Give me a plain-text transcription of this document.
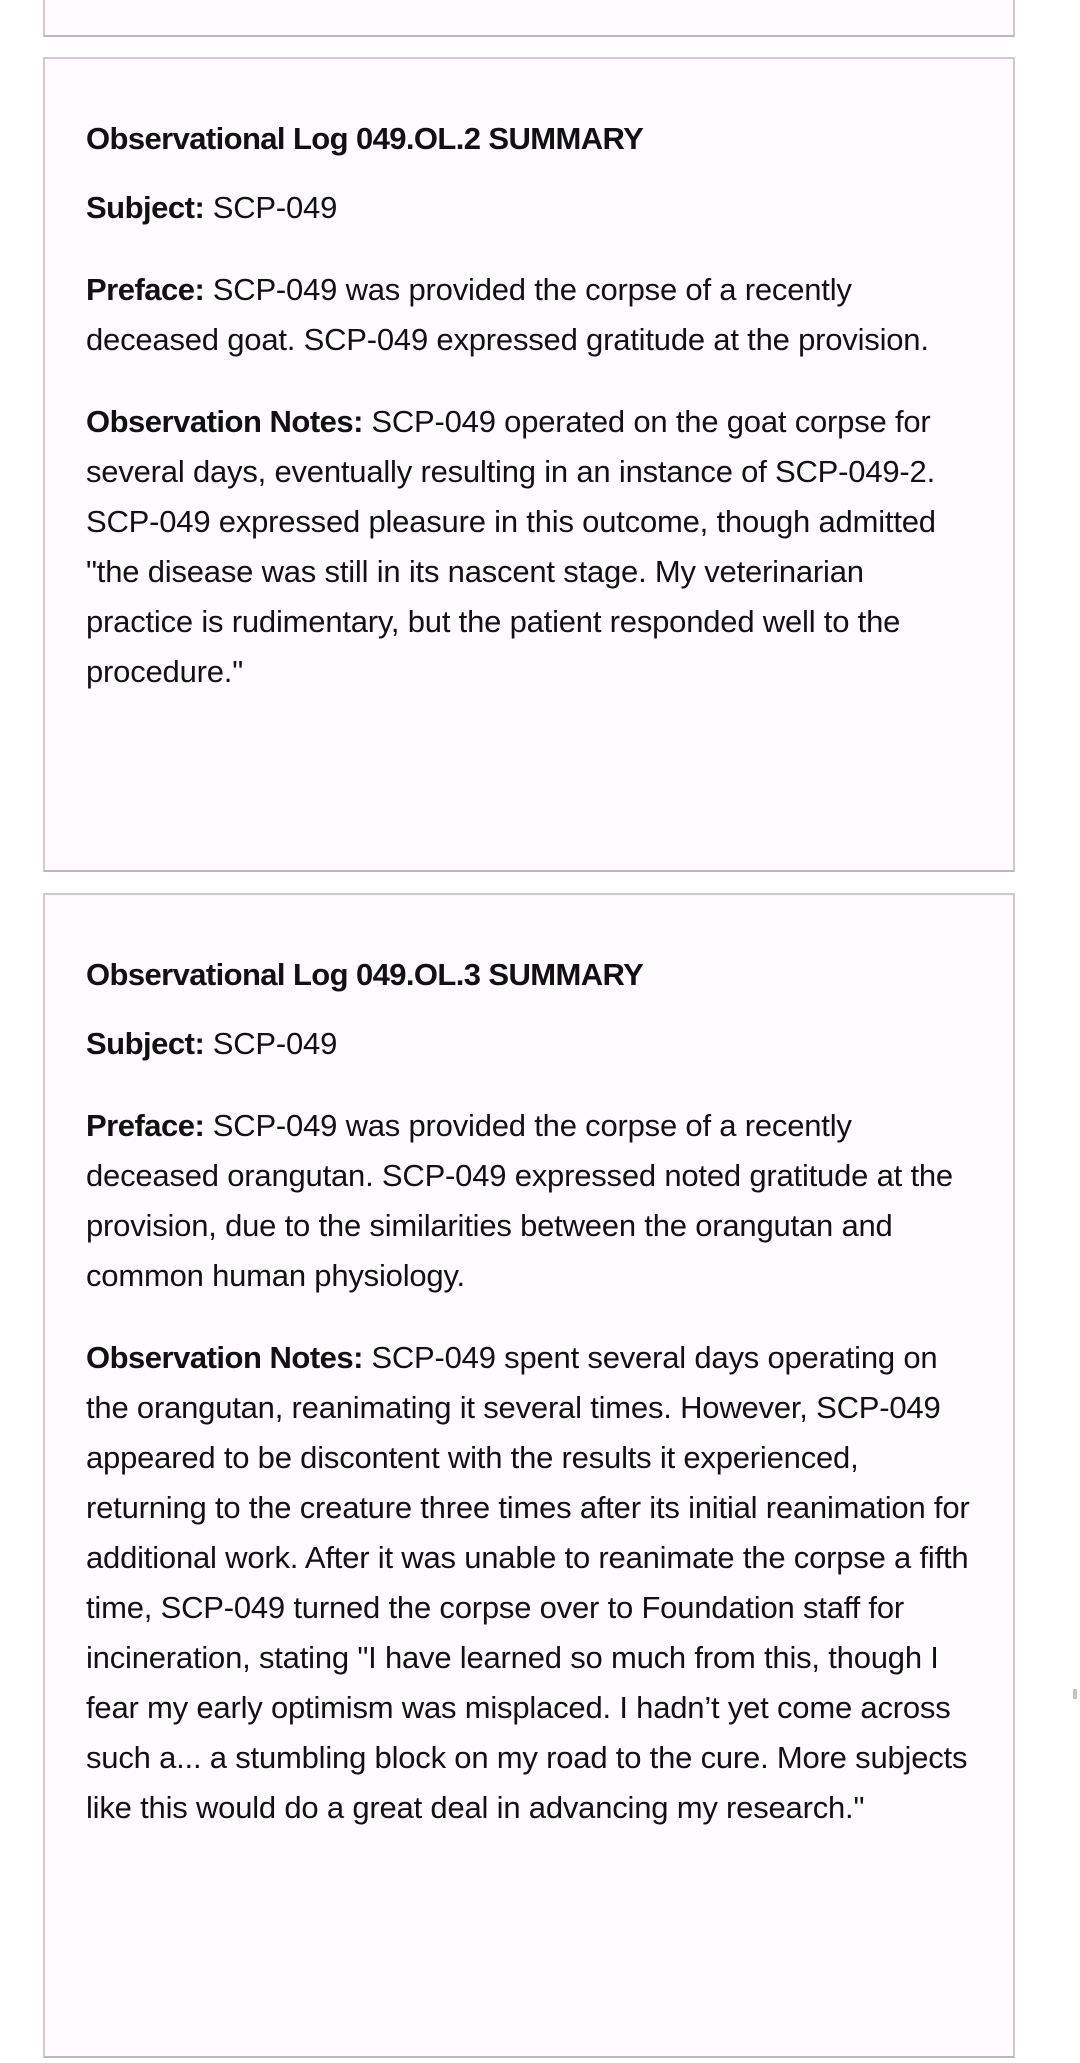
Observational Log 049.OL.2 SUMMARY

Subject: SCP-049

Preface: SCP-049 was provided the corpse of a recently deceased goat. SCP-049 expressed gratitude at the provision.

Observation Notes: SCP-049 operated on the goat corpse for several days, eventually resulting in an instance of SCP-049-2. SCP-049 expressed pleasure in this outcome, though admitted "the disease was still in its nascent stage. My veterinarian practice is rudimentary, but the patient responded well to the procedure."

Observational Log 049.OL.3 SUMMARY

Subject: SCP-049

Preface: SCP-049 was provided the corpse of a recently deceased orangutan. SCP-049 expressed noted gratitude at the provision, due to the similarities between the orangutan and common human physiology.

Observation Notes: SCP-049 spent several days operating on the orangutan, reanimating it several times. However, SCP-049 appeared to be discontent with the results it experienced, returning to the creature three times after its initial reanimation for additional work. After it was unable to reanimate the corpse a fifth time, SCP-049 turned the corpse over to Foundation staff for incineration, stating "I have learned so much from this, though I fear my early optimism was misplaced. I hadn’t yet come across such a... a stumbling block on my road to the cure. More subjects like this would do a great deal in advancing my research."
